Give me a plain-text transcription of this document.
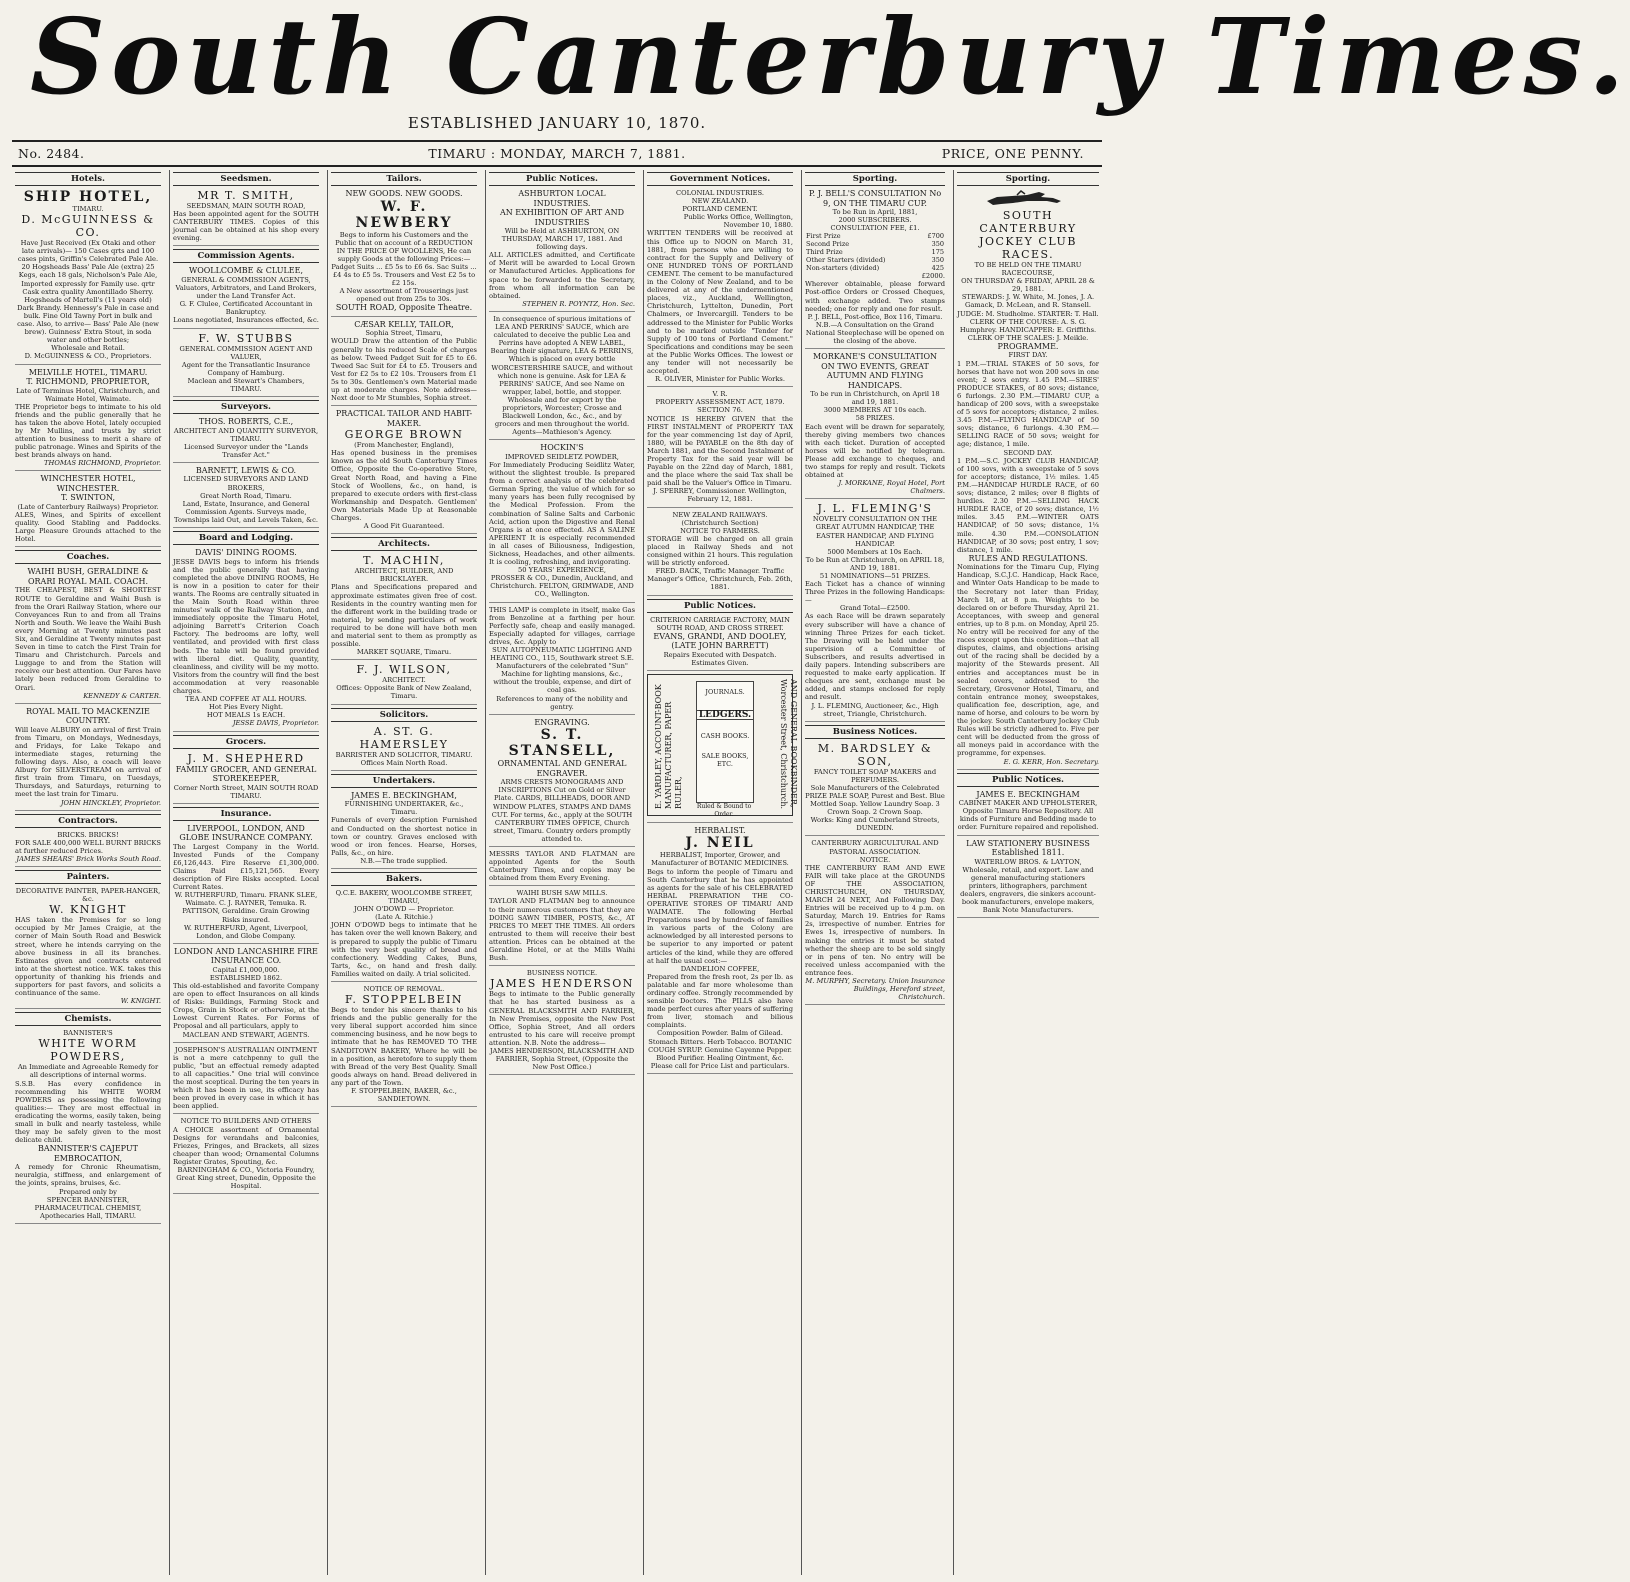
South Canterbury Times.
ESTABLISHED JANUARY 10, 1870.
No. 2484.	TIMARU : MONDAY, MARCH 7, 1881.	PRICE, ONE PENNY.
Hotels.
SHIP HOTEL,
TIMARU.
D. McGUINNESS & CO.
Have Just Received (Ex Otaki and other late arrivals)— 150 Cases qrts and 100 cases pints, Griffin's Celebrated Pale Ale. 20 Hogsheads Bass' Pale Ale (extra) 25 Kegs, each 18 gals, Nicholson's Pale Ale, Imported expressly for Family use. qrtr Cask extra quality Amontillado Sherry. Hogsheads of Martell's (11 years old) Dark Brandy. Hennessy's Pale in case and bulk. Fine Old Tawny Port in bulk and case. Also, to arrive— Bass' Pale Ale (new brew). Guinness' Extra Stout, in soda water and other bottles;
Wholesale and Retail.
D. McGUINNESS & CO., Proprietors.
MELVILLE HOTEL, TIMARU.
T. RICHMOND, PROPRIETOR,
Late of Terminus Hotel, Christchurch, and Waimate Hotel, Waimate.
THE Proprietor begs to intimate to his old friends and the public generally that he has taken the above Hotel, lately occupied by Mr Mullins, and trusts by strict attention to business to merit a share of public patronage. Wines and Spirits of the best brands always on hand.
THOMAS RICHMOND, Proprietor.
WINCHESTER HOTEL, WINCHESTER.
T. SWINTON,
(Late of Canterbury Railways) Proprietor.
ALES, Wines, and Spirits of excellent quality. Good Stabling and Paddocks. Large Pleasure Grounds attached to the Hotel.
Coaches.
WAIHI BUSH, GERALDINE & ORARI ROYAL MAIL COACH.
THE CHEAPEST, BEST & SHORTEST ROUTE to Geraldine and Waihi Bush is from the Orari Railway Station, where our Conveyances Run to and from all Trains North and South. We leave the Waihi Bush every Morning at Twenty minutes past Six, and Geraldine at Twenty minutes past Seven in time to catch the First Train for Timaru and Christchurch. Parcels and Luggage to and from the Station will receive our best attention. Our Fares have lately been reduced from Geraldine to Orari.
KENNEDY & CARTER.
ROYAL MAIL TO MACKENZIE COUNTRY.
Will leave ALBURY on arrival of first Train from Timaru, on Mondays, Wednesdays, and Fridays, for Lake Tekapo and intermediate stages, returning the following days. Also, a coach will leave Albury for SILVERSTREAM on arrival of first train from Timaru, on Tuesdays, Thursdays, and Saturdays, returning to meet the last train for Timaru.
JOHN HINCKLEY, Proprietor.
Contractors.
BRICKS. BRICKS!
FOR SALE 400,000 WELL BURNT BRICKS at further reduced Prices.
JAMES SHEARS' Brick Works South Road.
Painters.
DECORATIVE PAINTER, PAPER-HANGER, &c.
W. KNIGHT
HAS taken the Premises for so long occupied by Mr James Craigie, at the corner of Main South Road and Beswick street, where he intends carrying on the above business in all its branches. Estimates given and contracts entered into at the shortest notice. W.K. takes this opportunity of thanking his friends and supporters for past favors, and solicits a continuance of the same.
W. KNIGHT.
Chemists.
BANNISTER'S
WHITE WORM POWDERS,
An Immediate and Agreeable Remedy for all descriptions of internal worms.
S.S.B. Has every confidence in recommending his WHITE WORM POWDERS as possessing the following qualities:— They are most effectual in eradicating the worms, easily taken, being small in bulk and nearly tasteless, while they may be safely given to the most delicate child.
BANNISTER'S CAJEPUT EMBROCATION,
A remedy for Chronic Rheumatism, neuralgia, stiffness, and enlargement of the joints, sprains, bruises, &c.
Prepared only by
SPENCER BANNISTER, PHARMACEUTICAL CHEMIST,
Apothecaries Hall, TIMARU.
Seedsmen.
MR T. SMITH,
SEEDSMAN, MAIN SOUTH ROAD,
Has been appointed agent for the SOUTH CANTERBURY TIMES. Copies of this journal can be obtained at his shop every evening.
Commission Agents.
WOOLLCOMBE & CLULEE,
GENERAL & COMMISSION AGENTS, Valuators, Arbitrators, and Land Brokers, under the Land Transfer Act.
G. F. Clulee, Certificated Accountant in Bankruptcy.
Loans negotiated, Insurances effected, &c.
F. W. STUBBS
GENERAL COMMISSION AGENT AND VALUER,
Agent for the Transatlantic Insurance Company of Hamburg.
Maclean and Stewart's Chambers, TIMARU.
Surveyors.
THOS. ROBERTS, C.E.,
ARCHITECT AND QUANTITY SURVEYOR, TIMARU.
Licensed Surveyor under the "Lands Transfer Act."
BARNETT, LEWIS & CO.
LICENSED SURVEYORS AND LAND BROKERS,
Great North Road, Timaru.
Land, Estate, Insurance, and General Commission Agents. Surveys made, Townships laid Out, and Levels Taken, &c.
Board and Lodging.
DAVIS' DINING ROOMS.
JESSE DAVIS begs to inform his friends and the public generally that having completed the above DINING ROOMS, He is now in a position to cater for their wants. The Rooms are centrally situated in the Main South Road within three minutes' walk of the Railway Station, and immediately opposite the Timaru Hotel, adjoining Barrett's Criterion Coach Factory. The bedrooms are lofty, well ventilated, and provided with first class beds. The table will be found provided with liberal diet. Quality, quantity, cleanliness, and civility will be my motto. Visitors from the country will find the best accommodation at very reasonable charges.
TEA AND COFFEE AT ALL HOURS.
Hot Pies Every Night.
HOT MEALS 1s EACH.
JESSE DAVIS, Proprietor.
Grocers.
J. M. SHEPHERD
FAMILY GROCER, AND GENERAL STOREKEEPER,
Corner North Street, MAIN SOUTH ROAD TIMARU.
Insurance.
LIVERPOOL, LONDON, AND GLOBE INSURANCE COMPANY.
The Largest Company in the World. Invested Funds of the Company £6,126,443. Fire Reserve £1,300,000. Claims Paid £15,121,565. Every description of Fire Risks accepted. Local Current Rates.
W. RUTHERFURD, Timaru. FRANK SLEE, Waimate. C. J. RAYNER, Temuka. R. PATTISON, Geraldine. Grain Growing Risks insured.
W. RUTHERFURD, Agent, Liverpool, London, and Globe Company.
LONDON AND LANCASHIRE FIRE INSURANCE CO.
Capital £1,000,000.
ESTABLISHED 1862.
This old-established and favorite Company are open to effect Insurances on all kinds of Risks: Buildings, Farming Stock and Crops, Grain in Stock or otherwise, at the Lowest Current Rates. For Forms of Proposal and all particulars, apply to
MACLEAN AND STEWART, AGENTS.
JOSEPHSON'S AUSTRALIAN OINTMENT
is not a mere catchpenny to gull the public, "but an effectual remedy adapted to all capacities." One trial will convince the most sceptical. During the ten years in which it has been in use, its efficacy has been proved in every case in which it has been applied.
NOTICE TO BUILDERS AND OTHERS
A CHOICE assortment of Ornamental Designs for verandahs and balconies, Friezes, Fringes, and Brackets, all sizes cheaper than wood; Ornamental Columns Register Grates, Spouting, &c.
BARNINGHAM & CO., Victoria Foundry, Great King street, Dunedin, Opposite the Hospital.
Tailors.
NEW GOODS. NEW GOODS.
W. F. NEWBERY
Begs to inform his Customers and the Public that on account of a REDUCTION IN THE PRICE OF WOOLLENS, He can supply Goods at the following Prices:—
Padget Suits ... £5 5s to £6 6s. Sac Suits ... £4 4s to £5 5s. Trousers and Vest £2 5s to £2 15s.
A New assortment of Trouserings just opened out from 25s to 30s.
SOUTH ROAD, Opposite Theatre.
CÆSAR KELLY, TAILOR,
Sophia Street, Timaru,
WOULD Draw the attention of the Public generally to his reduced Scale of charges as below. Tweed Padget Suit for £5 to £6. Tweed Sac Suit for £4 to £5. Trousers and Vest for £2 5s to £2 10s. Trousers from £1 5s to 30s. Gentlemen's own Material made up at moderate charges. Note address—Next door to Mr Stumbles, Sophia street.
PRACTICAL TAILOR AND HABIT-MAKER.
GEORGE BROWN
(From Manchester, England),
Has opened business in the premises known as the old South Canterbury Times Office, Opposite the Co-operative Store, Great North Road, and having a Fine Stock of Woollens, &c., on hand, is prepared to execute orders with first-class Workmanship and Despatch. Gentlemen' Own Materials Made Up at Reasonable Charges.
A Good Fit Guaranteed.
Architects.
T. MACHIN,
ARCHITECT, BUILDER, AND BRICKLAYER.
Plans and Specifications prepared and approximate estimates given free of cost. Residents in the country wanting men for the different work in the building trade or material, by sending particulars of work required to be done will have both men and material sent to them as promptly as possible.
MARKET SQUARE, Timaru.
F. J. WILSON,
ARCHITECT.
Offices: Opposite Bank of New Zealand, Timaru.
Solicitors.
A. ST. G. HAMERSLEY
BARRISTER AND SOLICITOR, TIMARU.
Offices Main North Road.
Undertakers.
JAMES E. BECKINGHAM,
FURNISHING UNDERTAKER, &c., Timaru.
Funerals of every description Furnished and Conducted on the shortest notice in town or country. Graves enclosed with wood or iron fences. Hearse, Horses, Palls, &c., on hire.
N.B.—The trade supplied.
Bakers.
Q.C.E. BAKERY, WOOLCOMBE STREET, TIMARU,
JOHN O'DOWD — Proprietor.
(Late A. Ritchie.)
JOHN O'DOWD begs to intimate that he has taken over the well known Bakery, and is prepared to supply the public of Timaru with the very best quality of bread and confectionery. Wedding Cakes, Buns, Tarts, &c., on hand and fresh daily. Families waited on daily. A trial solicited.
NOTICE OF REMOVAL.
F. STOPPELBEIN
Begs to tender his sincere thanks to his friends and the public generally for the very liberal support accorded him since commencing business, and he now begs to intimate that he has REMOVED TO THE SANDITOWN BAKERY, Where he will be in a position, as heretofore to supply them with Bread of the very Best Quality. Small goods always on hand. Bread delivered in any part of the Town.
F. STOPPELBEIN, BAKER, &c., SANDIETOWN.
Public Notices.
ASHBURTON LOCAL INDUSTRIES.
AN EXHIBITION OF ART AND INDUSTRIES
Will be Held at ASHBURTON, ON THURSDAY, MARCH 17, 1881. And following days.
ALL ARTICLES admitted, and Certificate of Merit will be awarded to Local Grown or Manufactured Articles. Applications for space to be forwarded to the Secretary, from whom all information can be obtained.
STEPHEN R. POYNTZ, Hon. Sec.
In consequence of spurious imitations of LEA AND PERRINS' SAUCE, which are calculated to deceive the public Lea and Perrins have adopted A NEW LABEL, Bearing their signature, LEA & PERRINS, Which is placed on every bottle WORCESTERSHIRE SAUCE, and without which none is genuine. Ask for LEA & PERRINS' SAUCE, And see Name on wrapper, label, bottle, and stopper. Wholesale and for export by the proprietors, Worcester; Crosse and Blackwell London, &c., &c., and by grocers and men throughout the world.
Agents—Mathieson's Agency.
HOCKIN'S
IMPROVED SEIDLETZ POWDER,
For Immediately Producing Seidlitz Water, without the slightest trouble. Is prepared from a correct analysis of the celebrated German Spring, the value of which for so many years has been fully recognised by the Medical Profession. From the combination of Saline Salts and Carbonic Acid, action upon the Digestive and Renal Organs is at once effected. AS A SALINE APERIENT It is especially recommended in all cases of Biliousness, Indigestion, Sickness, Headaches, and other ailments. It is cooling, refreshing, and invigorating.
50 YEARS' EXPERIENCE,
PROSSER & CO., Dunedin, Auckland, and Christchurch. FELTON, GRIMWADE, AND CO., Wellington.
THIS LAMP is complete in itself, make Gas from Benzoline at a farthing per hour. Perfectly safe, cheap and easily managed. Especially adapted for villages, carriage drives, &c. Apply to
SUN AUTOPNEUMATIC LIGHTING AND HEATING CO., 115, Southwark street S.E. Manufacturers of the celebrated "Sun" Machine for lighting mansions, &c., without the trouble, expense, and dirt of coal gas.
References to many of the nobility and gentry.
ENGRAVING.
S. T. STANSELL,
ORNAMENTAL AND GENERAL ENGRAVER.
ARMS CRESTS MONOGRAMS AND INSCRIPTIONS Cut on Gold or Silver Plate. CARDS, BILLHEADS, DOOR AND WINDOW PLATES, STAMPS AND DAMS CUT. For terms, &c., apply at the SOUTH CANTERBURY TIMES OFFICE, Church street, Timaru. Country orders promptly attended to.
MESSRS TAYLOR AND FLATMAN are appointed Agents for the South Canterbury Times, and copies may be obtained from them Every Evening.
WAIHI BUSH SAW MILLS.
TAYLOR AND FLATMAN beg to announce to their numerous customers that they are DOING SAWN TIMBER, POSTS, &c., AT PRICES TO MEET THE TIMES. All orders entrusted to them will receive their best attention. Prices can be obtained at the Geraldine Hotel, or at the Mills Waihi Bush.
BUSINESS NOTICE.
JAMES HENDERSON
Begs to intimate to the Public generally that he has started business as a GENERAL BLACKSMITH AND FARRIER, In New Premises, opposite the New Post Office, Sophia Street, And all orders entrusted to his care will receive prompt attention. N.B. Note the address—
JAMES HENDERSON, BLACKSMITH AND FARRIER, Sophia Street, (Opposite the New Post Office.)
Government Notices.
COLONIAL INDUSTRIES.
NEW ZEALAND.
PORTLAND CEMENT.
Public Works Office, Wellington, November 10, 1880.
WRITTEN TENDERS will be received at this Office up to NOON on March 31, 1881, from persons who are willing to contract for the Supply and Delivery of ONE HUNDRED TONS OF PORTLAND CEMENT. The cement to be manufactured in the Colony of New Zealand, and to be delivered at any of the undermentioned places, viz., Auckland, Wellington, Christchurch, Lyttelton, Dunedin, Port Chalmers, or Invercargill. Tenders to be addressed to the Minister for Public Works and to be marked outside "Tender for Supply of 100 tons of Portland Cement." Specifications and conditions may be seen at the Public Works Offices. The lowest or any tender will not necessarily be accepted.
R. OLIVER, Minister for Public Works.
V. R.
PROPERTY ASSESSMENT ACT, 1879. SECTION 76.
NOTICE IS HEREBY GIVEN that the FIRST INSTALMENT of PROPERTY TAX for the year commencing 1st day of April, 1880, will be PAYABLE on the 8th day of March 1881, and the Second Instalment of Property Tax for the said year will be Payable on the 22nd day of March, 1881, and the place where the said Tax shall be paid shall be the Valuer's Office in Timaru.
J. SPERREY, Commissioner. Wellington, February 12, 1881.
NEW ZEALAND RAILWAYS.
(Christchurch Section)
NOTICE TO FARMERS.
STORAGE will be charged on all grain placed in Railway Sheds and not consigned within 21 hours. This regulation will be strictly enforced.
FRED. BACK, Traffic Manager. Traffic Manager's Office, Christchurch, Feb. 26th, 1881.
Public Notices.
CRITERION CARRIAGE FACTORY, MAIN SOUTH ROAD, AND CROSS STREET.
EVANS, GRANDI, AND DOOLEY, (LATE JOHN BARRETT)
Repairs Executed with Despatch. Estimates Given.
E. YARDLEY, ACCOUNT-BOOK MANUFACTURER, PAPER RULER,
JOURNALS.
LEDGERS.
CASH BOOKS.
SALE BOOKS, ETC.
Ruled & Bound to Order.
AND GENERAL BOOKBINDER, Worcester Street, Christchurch.
HERBALIST.
J. NEIL
HERBALIST, Importer, Grower, and Manufacturer of BOTANIC MEDICINES.
Begs to inform the people of Timaru and South Canterbury that he has appointed as agents for the sale of his CELEBRATED HERBAL PREPARATION THE CO-OPERATIVE STORES OF TIMARU AND WAIMATE. The following Herbal Preparations used by hundreds of families in various parts of the Colony are acknowledged by all interested persons to be superior to any imported or patent articles of the kind, while they are offered at half the usual cost:—
DANDELION COFFEE,
Prepared from the fresh root, 2s per lb. as palatable and far more wholesome than ordinary coffee. Strongly recommended by sensible Doctors. The PILLS also have made perfect cures after years of suffering from liver, stomach and bilious complaints.
Composition Powder. Balm of Gilead. Stomach Bitters. Herb Tobacco. BOTANIC COUGH SYRUP. Genuine Cayenne Pepper. Blood Purifier. Healing Ointment, &c.
Please call for Price List and particulars.
Sporting.
P. J. BELL'S CONSULTATION No 9, ON THE TIMARU CUP.
To be Run in April, 1881,
2000 SUBSCRIBERS.
CONSULTATION FEE, £1.
First Prize	£700
Second Prize	350
Third Prize	175
Other Starters (divided)	350
Non-starters (divided)	425
£2000.
Wherever obtainable, please forward Post-office Orders or Crossed Cheques, with exchange added. Two stamps needed; one for reply and one for result.
P. J. BELL, Post-office, Box 116, Timaru. N.B.—A Consultation on the Grand National Steeplechase will be opened on the closing of the above.
MORKANE'S CONSULTATION ON TWO EVENTS, GREAT AUTUMN AND FLYING HANDICAPS.
To be run in Christchurch, on April 18 and 19, 1881.
3000 MEMBERS AT 10s each.
58 PRIZES.
Each event will be drawn for separately, thereby giving members two chances with each ticket. Duration of accepted horses will be notified by telegram. Please add exchange to cheques, and two stamps for reply and result. Tickets obtained at
J. MORKANE, Royal Hotel, Port Chalmers.
J. L. FLEMING'S
NOVELTY CONSULTATION ON THE GREAT AUTUMN HANDICAP, THE EASTER HANDICAP, AND FLYING HANDICAP.
5000 Members at 10s Each.
To be Run at Christchurch, on APRIL 18, AND 19, 1881.
51 NOMINATIONS—51 PRIZES.
Each Ticket has a chance of winning Three Prizes in the following Handicaps:—
Grand Total—£2500.
As each Race will be drawn separately every subscriber will have a chance of winning Three Prizes for each ticket. The Drawing will be held under the supervision of a Committee of Subscribers, and results advertised in daily papers. Intending subscribers are requested to make early application. If cheques are sent, exchange must be added, and stamps enclosed for reply and result.
J. L. FLEMING, Auctioneer, &c., High street, Triangle, Christchurch.
Business Notices.
M. BARDSLEY & SON,
FANCY TOILET SOAP MAKERS and PERFUMERS.
Sole Manufacturers of the Celebrated PRIZE PALE SOAP, Purest and Best. Blue Mottled Soap. Yellow Laundry Soap. 3 Crown Soap. 2 Crown Soap.
Works: King and Cumberland Streets, DUNEDIN.
CANTERBURY AGRICULTURAL AND PASTORAL ASSOCIATION.
NOTICE.
THE CANTERBURY RAM AND EWE FAIR will take place at the GROUNDS OF THE ASSOCIATION, CHRISTCHURCH, ON THURSDAY, MARCH 24 NEXT, And Following Day. Entries will be received up to 4 p.m. on Saturday, March 19. Entries for Rams 2s, irrespective of number. Entries for Ewes 1s, irrespective of numbers. In making the entries it must be stated whether the sheep are to be sold singly or in pens of ten. No entry will be received unless accompanied with the entrance fees.
M. MURPHY, Secretary. Union Insurance Buildings, Hereford street, Christchurch.
Sporting.
SOUTH CANTERBURY JOCKEY CLUB RACES.
TO BE HELD ON THE TIMARU RACECOURSE,
ON THURSDAY & FRIDAY, APRIL 28 & 29, 1881.
STEWARDS: J. W. White, M. Jones, J. A. Gamack, D. McLean, and R. Stansell.
JUDGE: M. Studholme. STARTER: T. Hall. CLERK OF THE COURSE: A. S. G. Humphrey. HANDICAPPER: E. Griffiths. CLERK OF THE SCALES: J. Meikle.
PROGRAMME.
FIRST DAY.
1 P.M.—TRIAL STAKES of 50 sovs, for horses that have not won 200 sovs in one event; 2 sovs entry. 1.45 P.M.—SIRES' PRODUCE STAKES, of 80 sovs; distance, 6 furlongs. 2.30 P.M.—TIMARU CUP, a handicap of 200 sovs, with a sweepstake of 5 sovs for acceptors; distance, 2 miles. 3.45 P.M.—FLYING HANDICAP of 50 sovs; distance, 6 furlongs. 4.30 P.M.—SELLING RACE of 50 sovs; weight for age; distance, 1 mile.
SECOND DAY.
1 P.M.—S.C. JOCKEY CLUB HANDICAP, of 100 sovs, with a sweepstake of 5 sovs for acceptors; distance, 1½ miles. 1.45 P.M.—HANDICAP HURDLE RACE, of 60 sovs; distance, 2 miles; over 8 flights of hurdles. 2.30 P.M.—SELLING HACK HURDLE RACE, of 20 sovs; distance, 1½ miles. 3.45 P.M.—WINTER OATS HANDICAP, of 50 sovs; distance, 1¼ mile. 4.30 P.M.—CONSOLATION HANDICAP, of 30 sovs; post entry, 1 sov; distance, 1 mile.
RULES AND REGULATIONS.
Nominations for the Timaru Cup, Flying Handicap, S.C.J.C. Handicap, Hack Race, and Winter Oats Handicap to be made to the Secretary not later than Friday, March 18, at 8 p.m. Weights to be declared on or before Thursday, April 21. Acceptances, with sweep and general entries, up to 8 p.m. on Monday, April 25. No entry will be received for any of the races except upon this condition—that all disputes, claims, and objections arising out of the racing shall be decided by a majority of the Stewards present. All entries and acceptances must be in sealed covers, addressed to the Secretary, Grosvenor Hotel, Timaru, and contain entrance money, sweepstakes, qualification fee, description, age, and name of horse, and colours to be worn by the jockey. South Canterbury Jockey Club Rules will be strictly adhered to. Five per cent will be deducted from the gross of all moneys paid in accordance with the programme, for expenses.
E. G. KERR, Hon. Secretary.
Public Notices.
JAMES E. BECKINGHAM
CABINET MAKER AND UPHOLSTERER, Opposite Timaru Horse Repository. All kinds of Furniture and Bedding made to order. Furniture repaired and repolished.
LAW STATIONERY BUSINESS Established 1811.
WATERLOW BROS. & LAYTON, Wholesale, retail, and export. Law and general manufacturing stationers printers, lithographers, parchment dealers, engravers, die sinkers account-book manufacturers, envelope makers,
Bank Note Manufacturers.
